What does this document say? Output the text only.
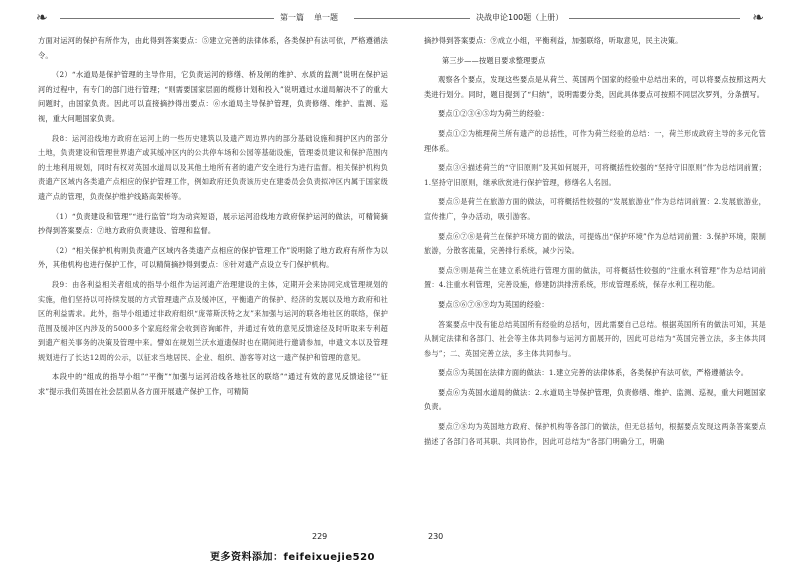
❧	第一篇 单一题	决战申论100题（上册）	❧

方面对运河的保护有所作为，由此得到答案要点：⑤建立完善的法律体系，各类保护有法可依，严格遵循法令。

（2）“水道局是保护管理的主导作用，它负责运河的修缮、桥及闸的维护、水质的监测”说明在保护运河的过程中，有专门的部门进行管理；“则需要国家层面的缆修计划和投入”说明通过水道局解决不了的重大问题时，由国家负责。因此可以直接摘抄得出要点：⑥水道局主导保护管理，负责修缮、维护、监测、巡视，重大问题国家负责。

段8：运河沿线地方政府在运河上的一些历史建筑以及遗产周边界内的部分基础设施和拥护区内的部分土地，负责建设和管理世界遗产或其缓冲区内的公共停车场和公园等基础设施，管理委员建议和保护范围内的土地利用规划，同时有权对英国水道局以及其他土地所有者的遗产安全进行为进行监督。相关保护机构负责遗产区域内各类遗产点相应的保护管理工作，例如政府还负责该历史在建委员会负责拟冲区内属于国家级遗产点的管理，负责保护维护线路高架桥等。

（1）“负责建设和管理”“进行监管”均为动宾短语，展示运河沿线地方政府保护运河的做法，可精简摘抄得到答案要点：⑦地方政府负责建设、管理和监督。

（2）“相关保护机构则负责遗产区域内各类遗产点相应的保护管理工作”说明除了地方政府有所作为以外，其他机构也进行保护工作，可以精简摘抄得到要点：⑧针对遗产点设立专门保护机构。

段9：由各利益相关者组成的指导小组作为运河遗产治理建设的主体，定期开会来协同完成管理规划的实施，他们坚持以可持续发展的方式管理遗产点及缓冲区，平衡遗产的保护、经济的发展以及地方政府和社区的利益需求。此外，指导小组通过非政府组织“庞蒂斯沃特之友”来加强与运河的联各地社区的联络，保护范围及缓冲区内涉及的5000多个家庭经常会收到咨询邮件，并通过有效的意见反馈途径及时听取来专利超到遗产相关事务的决策及管理中来。譬如在规划兰沃水道遗保时也在期间进行邀请参加，申遗文本以及管理规划进行了长达12周的公示，以征求当地居民、企业、组织、游客等对这一遗产保护和管理的意见。

本段中的“组成的指导小组”“平衡”“加强与运河沿线各地社区的联络”“通过有效的意见反馈途径”“征求”提示我们英国在社会层面从各方面开展遗产保护工作，可精简

摘抄得到答案要点：⑨成立小组，平衡利益，加强联络，听取意见，民主决策。

第三步——按题目要求整理要点

观察各个要点，发现这些要点是从荷兰、英国两个国家的经验中总结出来的，可以将要点按照这两大类进行划分。同时，题目提到了“归纳”，说明需要分类，因此具体要点可按照不同层次罗列，分条撰写。

要点①②③④⑤均为荷兰的经验：

要点①②为梳理荷兰所有遗产的总括性，可作为荷兰经验的总结：一，荷兰形成政府主导的多元化管理体系。

要点③④描述荷兰的“守旧原则”及其如何展开，可将概括性较强的“坚持守旧原则”作为总结词前置；1.坚持守旧原则，继承欣赏进行保护管理，修缮名人名园。

要点⑤是荷兰在旅游方面的做法，可将概括性较强的“发展旅游业”作为总结词前置：2.发展旅游业，宣传推广，争办活动，吸引游客。

要点⑥⑦⑧是荷兰在保护环境方面的做法，可提炼出“保护环境”作为总结词前置：3.保护环境，限制旅游，分散客流量，完善排行系统，减少污染。

要点⑨则是荷兰在建立系统进行管理方面的做法，可将概括性较强的“注重水利管理”作为总结词前置：4.注重水利管理，完善设施，修建防洪排涝系统，形成管理系统，保存水利工程功能。

要点⑤⑥⑦⑧⑨均为英国的经验：

答案要点中没有能总结英国所有经验的总括句，因此需要自己总结。根据英国所有的做法可知，其是从制定法律和各部门、社会等主体共同参与运河方面展开的，因此可总结为“英国完善立法，多主体共同参与”；二、英国完善立法，多主体共同参与。

要点⑤为英国在法律方面的做法：1.建立完善的法律体系，各类保护有法可依，严格遵循法令。

要点⑥为英国水道局的做法：2.水道局主导保护管理，负责修缮、维护、监测、巡视，重大问题国家负责。

要点⑦⑧均为英国地方政府、保护机构等各部门的做法，但无总括句，根据要点发现这两条答案要点描述了各部门各司其职、共同协作，因此可总结为“各部门明确分工，明确

229	230
更多资料添加：feifeixuejie520
